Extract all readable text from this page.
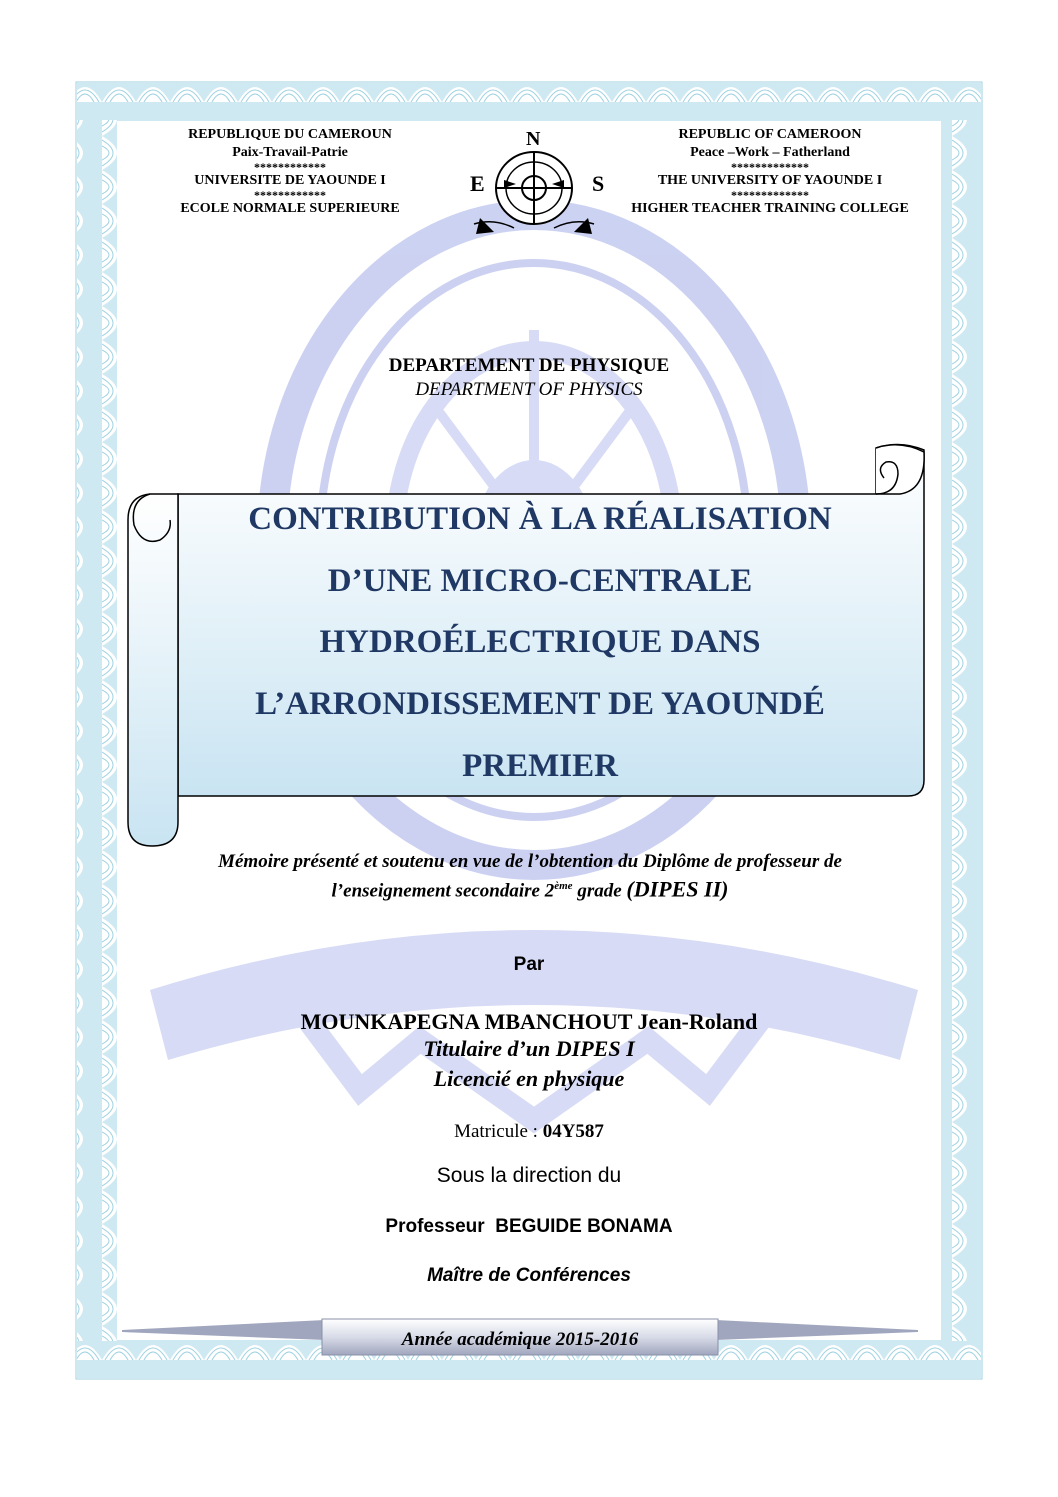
REPUBLIQUE DU CAMEROUN
Paix-Travail-Patrie
************
UNIVERSITE DE YAOUNDE I
************
ECOLE NORMALE SUPERIEURE
REPUBLIC OF CAMEROON
Peace –Work – Fatherland
*************
THE UNIVERSITY OF YAOUNDE I
*************
HIGHER TEACHER TRAINING COLLEGE
N
E	S
DEPARTEMENT DE PHYSIQUE
DEPARTMENT OF PHYSICS
CONTRIBUTION À LA RÉALISATION
D’UNE MICRO-CENTRALE
HYDROÉLECTRIQUE DANS
L’ARRONDISSEMENT DE YAOUNDÉ
PREMIER
Mémoire présenté et soutenu en vue de l’obtention du Diplôme de professeur de
l’enseignement secondaire 2ème grade (DIPES II)
Par
MOUNKAPEGNA MBANCHOUT Jean-Roland
Titulaire d’un DIPES I
Licencié en physique
Matricule : 04Y587
Sous la direction du
Professeur  BEGUIDE BONAMA
Maître de Conférences
Année académique 2015-2016
